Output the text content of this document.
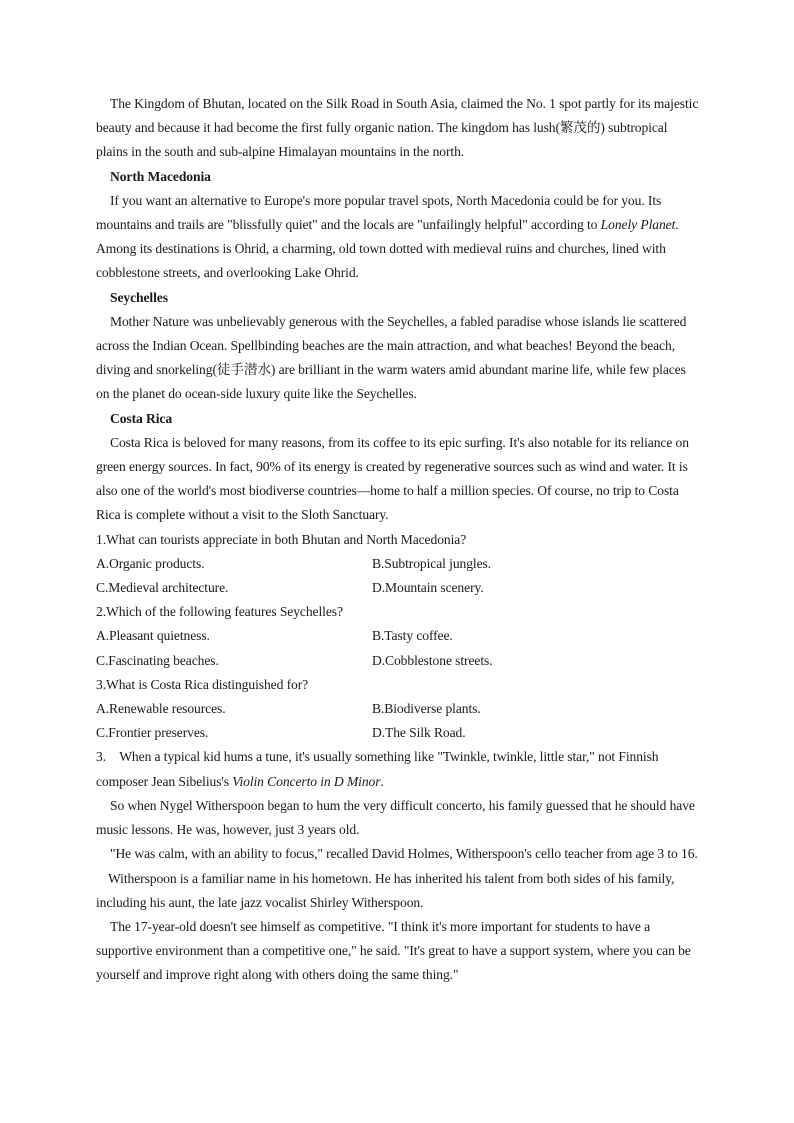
The Kingdom of Bhutan, located on the Silk Road in South Asia, claimed the No. 1 spot partly for its majestic beauty and because it had become the first fully organic nation. The kingdom has lush(繁茂的) subtropical plains in the south and sub-alpine Himalayan mountains in the north.

North Macedonia

If you want an alternative to Europe's more popular travel spots, North Macedonia could be for you. Its mountains and trails are "blissfully quiet" and the locals are "unfailingly helpful" according to Lonely Planet. Among its destinations is Ohrid, a charming, old town dotted with medieval ruins and churches, lined with cobblestone streets, and overlooking Lake Ohrid.

Seychelles

Mother Nature was unbelievably generous with the Seychelles, a fabled paradise whose islands lie scattered across the Indian Ocean. Spellbinding beaches are the main attraction, and what beaches! Beyond the beach, diving and snorkeling(徒手潜水) are brilliant in the warm waters amid abundant marine life, while few places on the planet do ocean-side luxury quite like the Seychelles.

Costa Rica

Costa Rica is beloved for many reasons, from its coffee to its epic surfing. It's also notable for its reliance on green energy sources. In fact, 90% of its energy is created by regenerative sources such as wind and water. It is also one of the world's most biodiverse countries—home to half a million species. Of course, no trip to Costa Rica is complete without a visit to the Sloth Sanctuary.

1.What can tourists appreciate in both Bhutan and North Macedonia?

A.Organic products.	B.Subtropical jungles.
C.Medieval architecture.	D.Mountain scenery.

2.Which of the following features Seychelles?

A.Pleasant quietness.	B.Tasty coffee.
C.Fascinating beaches.	D.Cobblestone streets.

3.What is Costa Rica distinguished for?

A.Renewable resources.	B.Biodiverse plants.
C.Frontier preserves.	D.The Silk Road.

3. When a typical kid hums a tune, it's usually something like "Twinkle, twinkle, little star," not Finnish composer Jean Sibelius's Violin Concerto in D Minor.

So when Nygel Witherspoon began to hum the very difficult concerto, his family guessed that he should have music lessons. He was, however, just 3 years old.

"He was calm, with an ability to focus," recalled David Holmes, Witherspoon's cello teacher from age 3 to 16.

Witherspoon is a familiar name in his hometown. He has inherited his talent from both sides of his family, including his aunt, the late jazz vocalist Shirley Witherspoon.

The 17-year-old doesn't see himself as competitive. "I think it's more important for students to have a supportive environment than a competitive one," he said. "It's great to have a support system, where you can be yourself and improve right along with others doing the same thing."
